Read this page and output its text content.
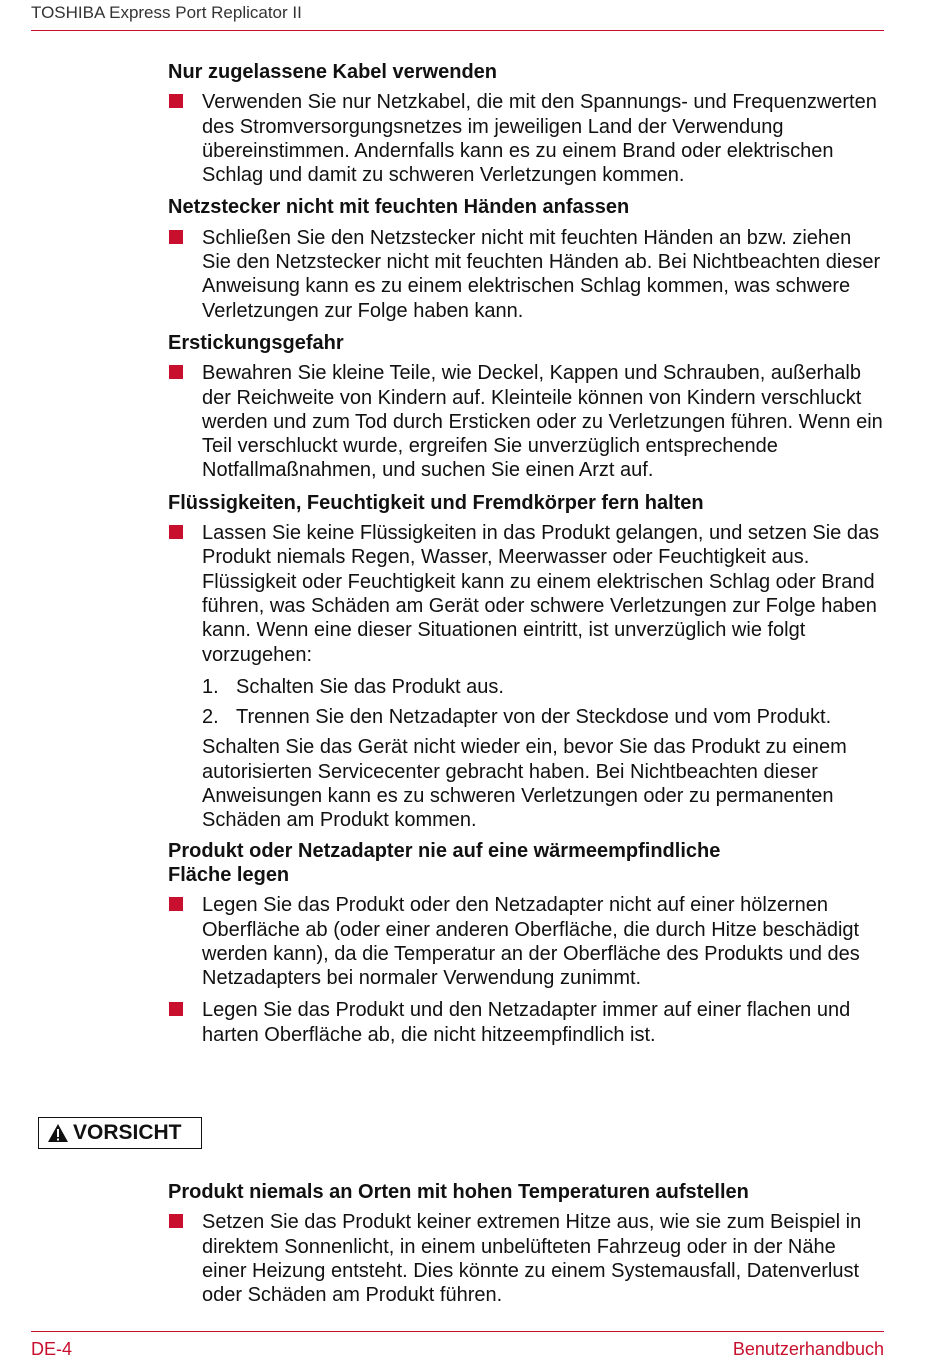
TOSHIBA Express Port Replicator II
Nur zugelassene Kabel verwenden
Verwenden Sie nur Netzkabel, die mit den Spannungs- und Frequenzwerten des Stromversorgungsnetzes im jeweiligen Land der Verwendung übereinstimmen. Andernfalls kann es zu einem Brand oder elektrischen Schlag und damit zu schweren Verletzungen kommen.
Netzstecker nicht mit feuchten Händen anfassen
Schließen Sie den Netzstecker nicht mit feuchten Händen an bzw. ziehen Sie den Netzstecker nicht mit feuchten Händen ab. Bei Nichtbeachten dieser Anweisung kann es zu einem elektrischen Schlag kommen, was schwere Verletzungen zur Folge haben kann.
Erstickungsgefahr
Bewahren Sie kleine Teile, wie Deckel, Kappen und Schrauben, außerhalb der Reichweite von Kindern auf. Kleinteile können von Kindern verschluckt werden und zum Tod durch Ersticken oder zu Verletzungen führen. Wenn ein Teil verschluckt wurde, ergreifen Sie unverzüglich entsprechende Notfallmaßnahmen, und suchen Sie einen Arzt auf.
Flüssigkeiten, Feuchtigkeit und Fremdkörper fern halten
Lassen Sie keine Flüssigkeiten in das Produkt gelangen, und setzen Sie das Produkt niemals Regen, Wasser, Meerwasser oder Feuchtigkeit aus. Flüssigkeit oder Feuchtigkeit kann zu einem elektrischen Schlag oder Brand führen, was Schäden am Gerät oder schwere Verletzungen zur Folge haben kann. Wenn eine dieser Situationen eintritt, ist unverzüglich wie folgt vorzugehen:
1. Schalten Sie das Produkt aus.
2. Trennen Sie den Netzadapter von der Steckdose und vom Produkt.
Schalten Sie das Gerät nicht wieder ein, bevor Sie das Produkt zu einem autorisierten Servicecenter gebracht haben. Bei Nichtbeachten dieser Anweisungen kann es zu schweren Verletzungen oder zu permanenten Schäden am Produkt kommen.
Produkt oder Netzadapter nie auf eine wärmeempfindliche Fläche legen
Legen Sie das Produkt oder den Netzadapter nicht auf einer hölzernen Oberfläche ab (oder einer anderen Oberfläche, die durch Hitze beschädigt werden kann), da die Temperatur an der Oberfläche des Produkts und des Netzadapters bei normaler Verwendung zunimmt.
Legen Sie das Produkt und den Netzadapter immer auf einer flachen und harten Oberfläche ab, die nicht hitzeempfindlich ist.
VORSICHT
Produkt niemals an Orten mit hohen Temperaturen aufstellen
Setzen Sie das Produkt keiner extremen Hitze aus, wie sie zum Beispiel in direktem Sonnenlicht, in einem unbelüfteten Fahrzeug oder in der Nähe einer Heizung entsteht. Dies könnte zu einem Systemausfall, Datenverlust oder Schäden am Produkt führen.
DE-4	Benutzerhandbuch
